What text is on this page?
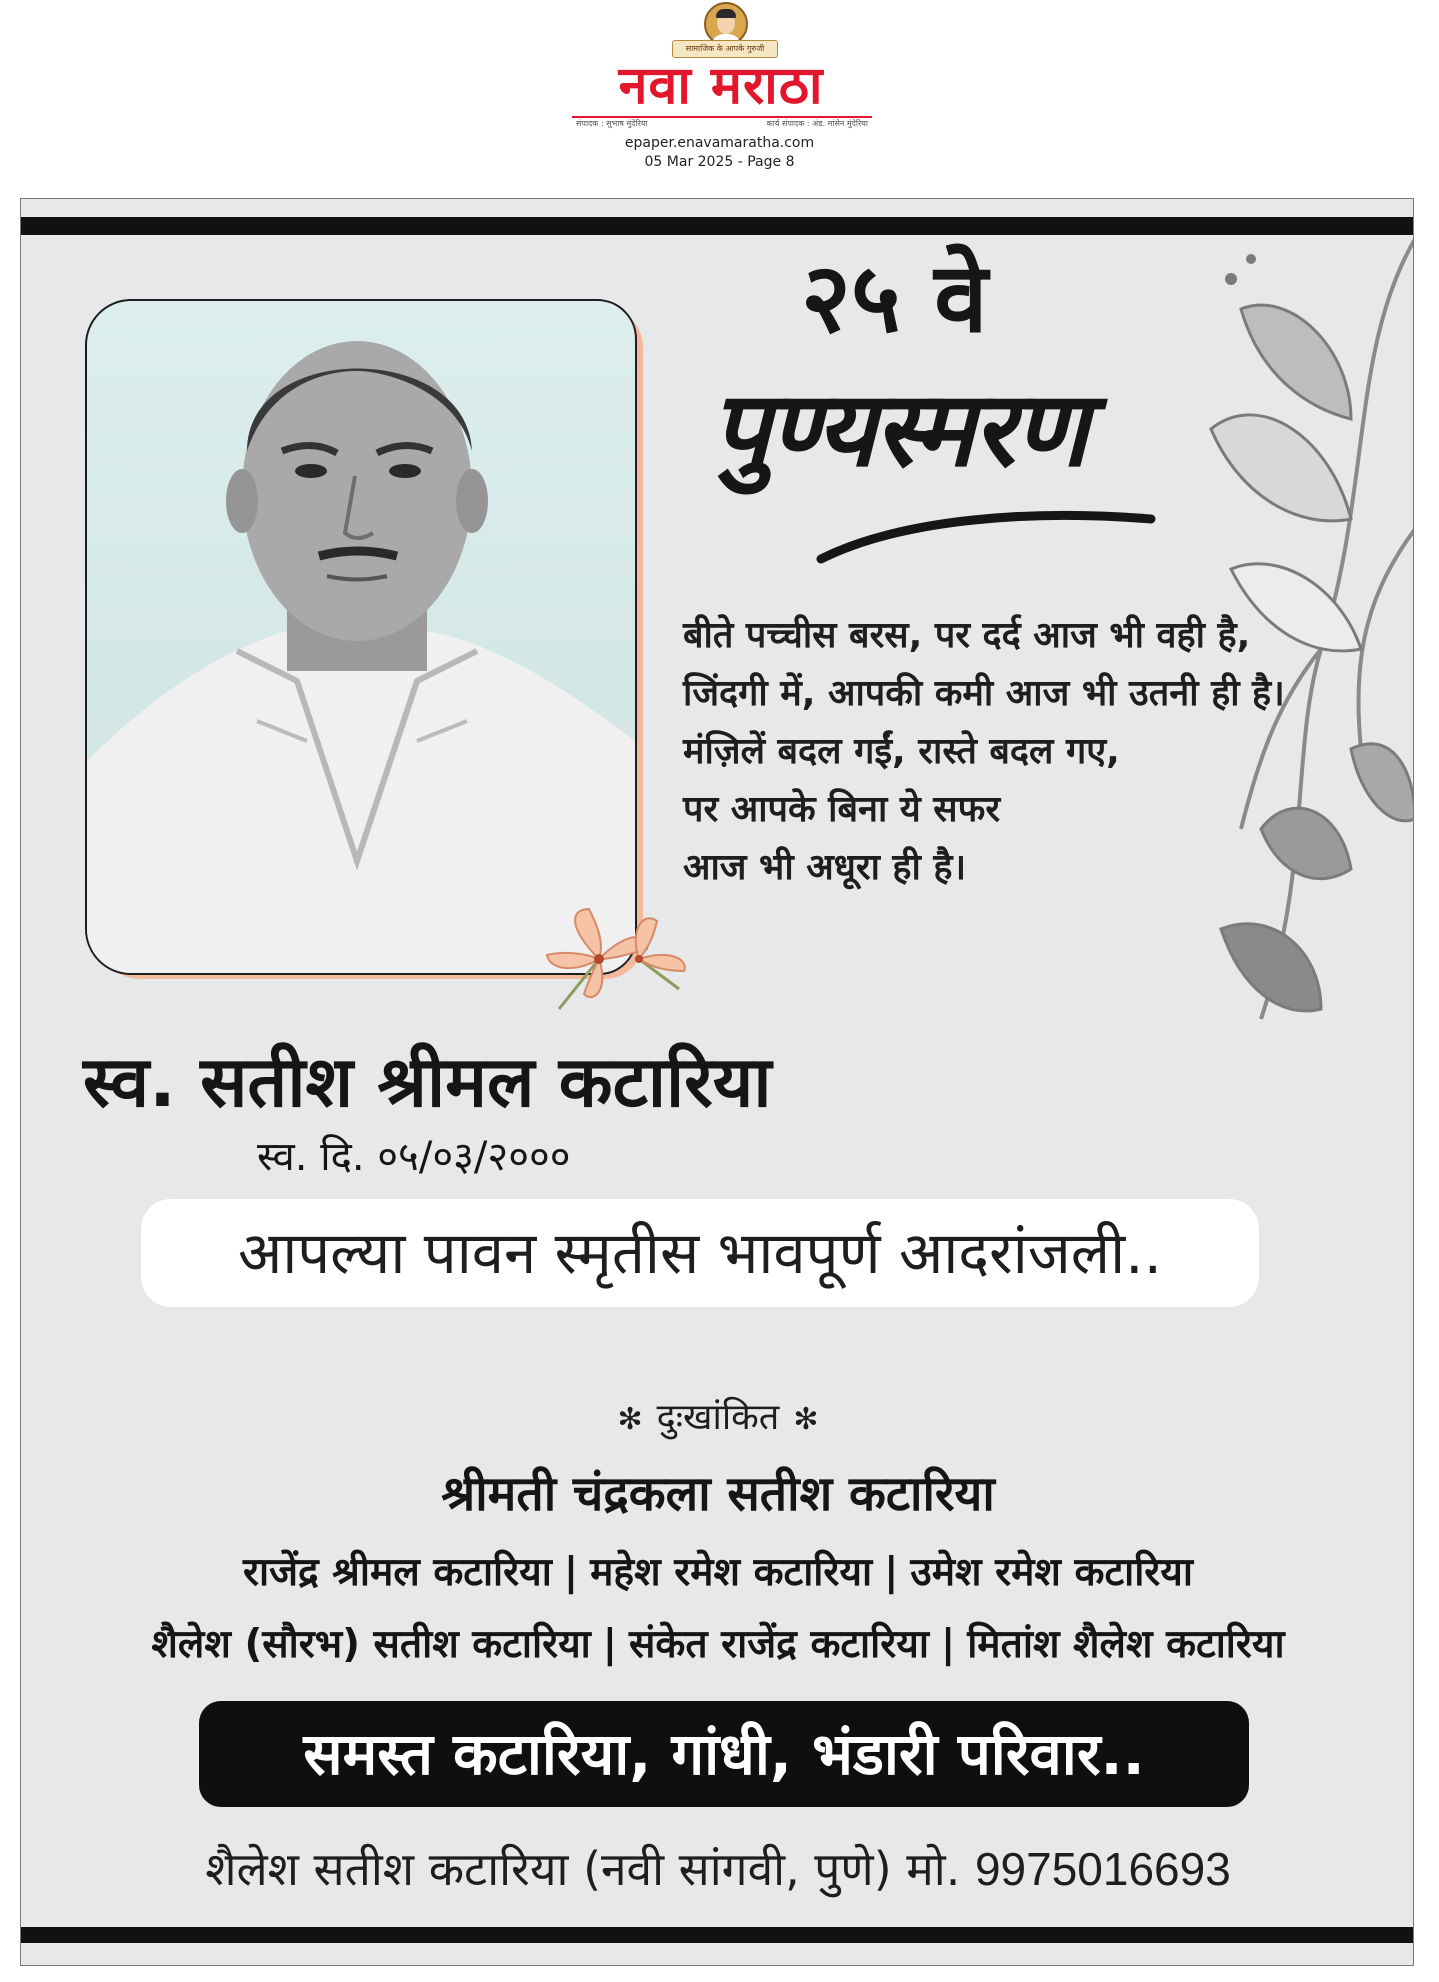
सामाजिक के आपके गुरुजी
नवा मराठा
संपादक : सुभाष मुंदेरिया	कार्य संपादक : अंड. मांसेन मुंदेरिया
epaper.enavamaratha.com
05 Mar 2025 - Page 8
२५ वे
पुण्यस्मरण
बीते पच्चीस बरस, पर दर्द आज भी वही है,
जिंदगी में, आपकी कमी आज भी उतनी ही है।
मंज़िलें बदल गईं, रास्ते बदल गए,
पर आपके बिना ये सफर
आज भी अधूरा ही है।
स्व. सतीश श्रीमल कटारिया
स्व. दि. ०५/०३/२०००
आपल्या पावन स्मृतीस भावपूर्ण आदरांजली..
✻ दुःखांकित ✻
श्रीमती चंद्रकला सतीश कटारिया
राजेंद्र श्रीमल कटारिया | महेश रमेश कटारिया | उमेश रमेश कटारिया
शैलेश (सौरभ) सतीश कटारिया | संकेत राजेंद्र कटारिया | मितांश शैलेश कटारिया
समस्त कटारिया, गांधी, भंडारी परिवार..
शैलेश सतीश कटारिया (नवी सांगवी, पुणे) मो. 9975016693
